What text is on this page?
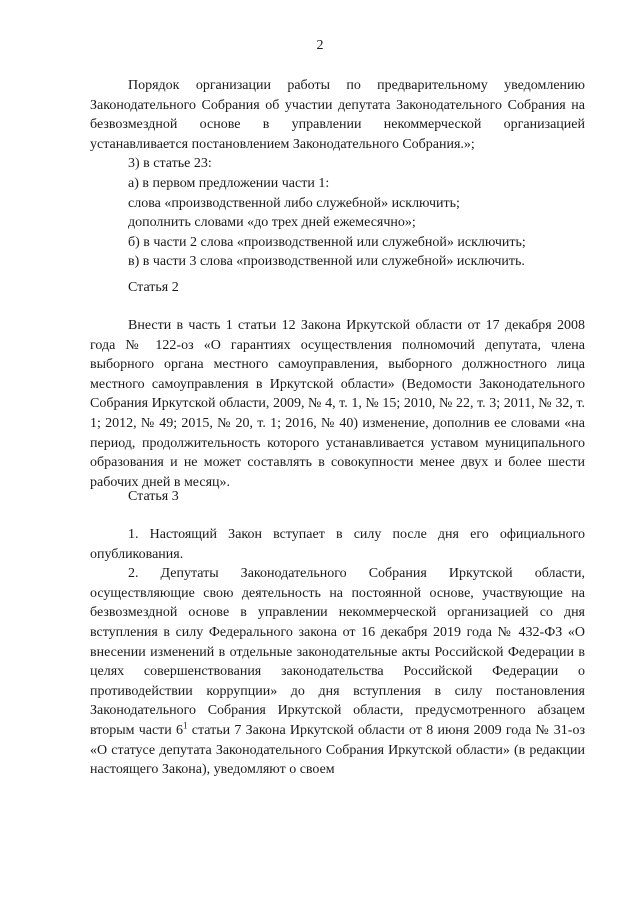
2

Порядок организации работы по предварительному уведомлению Законодательного Собрания об участии депутата Законодательного Собрания на безвозмездной основе в управлении некоммерческой организацией устанавливается постановлением Законодательного Собрания.»;

3) в статье 23:

а) в первом предложении части 1:

слова «производственной либо служебной» исключить;

дополнить словами «до трех дней ежемесячно»;

б) в части 2 слова «производственной или служебной» исключить;

в) в части 3 слова «производственной или служебной» исключить.

Статья 2

Внести в часть 1 статьи 12 Закона Иркутской области от 17 декабря 2008 года № 122-оз «О гарантиях осуществления полномочий депутата, члена выборного органа местного самоуправления, выборного должностного лица местного самоуправления в Иркутской области» (Ведомости Законодательного Собрания Иркутской области, 2009, № 4, т. 1, № 15; 2010, № 22, т. 3; 2011, № 32, т. 1; 2012, № 49; 2015, № 20, т. 1; 2016, № 40) изменение, дополнив ее словами «на период, продолжительность которого устанавливается уставом муниципального образования и не может составлять в совокупности менее двух и более шести рабочих дней в месяц».

Статья 3

1. Настоящий Закон вступает в силу после дня его официального опубликования.

2. Депутаты Законодательного Собрания Иркутской области, осуществляющие свою деятельность на постоянной основе, участвующие на безвозмездной основе в управлении некоммерческой организацией со дня вступления в силу Федерального закона от 16 декабря 2019 года № 432-ФЗ «О внесении изменений в отдельные законодательные акты Российской Федерации в целях совершенствования законодательства Российской Федерации о противодействии коррупции» до дня вступления в силу постановления Законодательного Собрания Иркутской области, предусмотренного абзацем вторым части $6^1$ статьи 7 Закона Иркутской области от 8 июня 2009 года № 31-оз «О статусе депутата Законодательного Собрания Иркутской области» (в редакции настоящего Закона), уведомляют о своем
